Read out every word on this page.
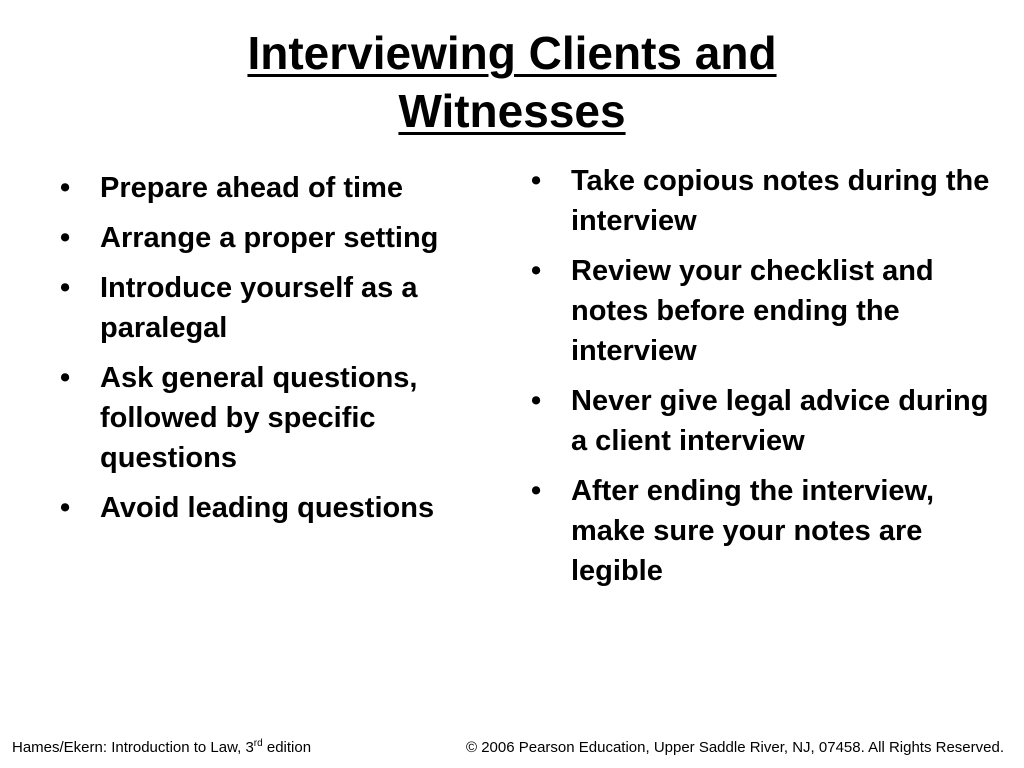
Interviewing Clients and
Witnesses
•	Prepare ahead of time
•	Arrange a proper setting
•	Introduce yourself as a paralegal
•	Ask general questions, followed by specific questions
•	Avoid leading questions
•	Take copious notes during the interview
•	Review your checklist and notes before ending the interview
•	Never give legal advice during a client interview
•	After ending the interview, make sure your notes are legible
Hames/Ekern: Introduction to Law, 3rd edition	© 2006 Pearson Education, Upper Saddle River, NJ, 07458. All Rights Reserved.
